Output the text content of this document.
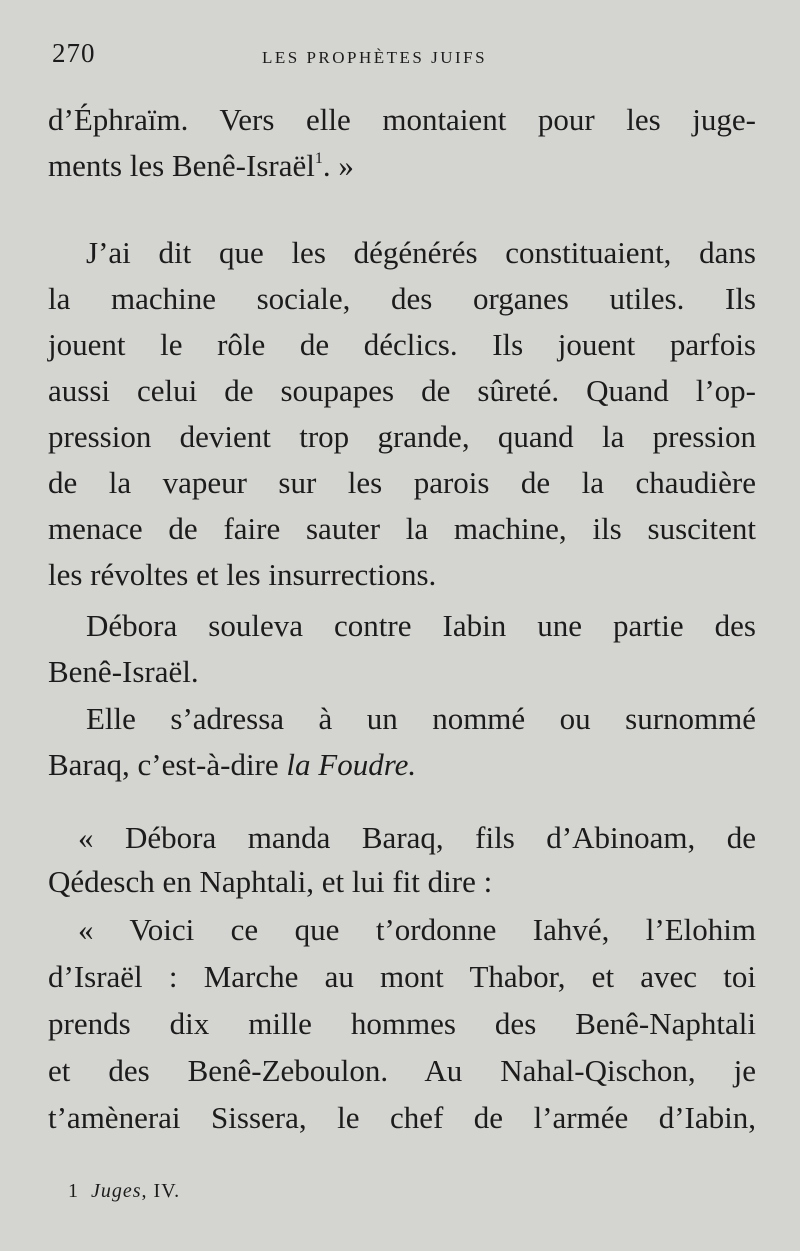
270	LES PROPHÈTES JUIFS
d’Éphraïm. Vers elle montaient pour les juge-
ments les Benê-Israël$^1$. »
J’ai dit que les dégénérés constituaient, dans
la machine sociale, des organes utiles. Ils
jouent le rôle de déclics. Ils jouent parfois
aussi celui de soupapes de sûreté. Quand l’op-
pression devient trop grande, quand la pression
de la vapeur sur les parois de la chaudière
menace de faire sauter la machine, ils suscitent
les révoltes et les insurrections.
Débora souleva contre Iabin une partie des
Benê-Israël.
Elle s’adressa à un nommé ou surnommé
Baraq, c’est-à-dire la Foudre.
« Débora manda Baraq, fils d’Abinoam, de
Qédesch en Naphtali, et lui fit dire :
« Voici ce que t’ordonne Iahvé, l’Elohim
d’Israël : Marche au mont Thabor, et avec toi
prends dix mille hommes des Benê-Naphtali
et des Benê-Zeboulon. Au Nahal-Qischon, je
t’amènerai Sissera, le chef de l’armée d’Iabin,
1 Juges, IV.
